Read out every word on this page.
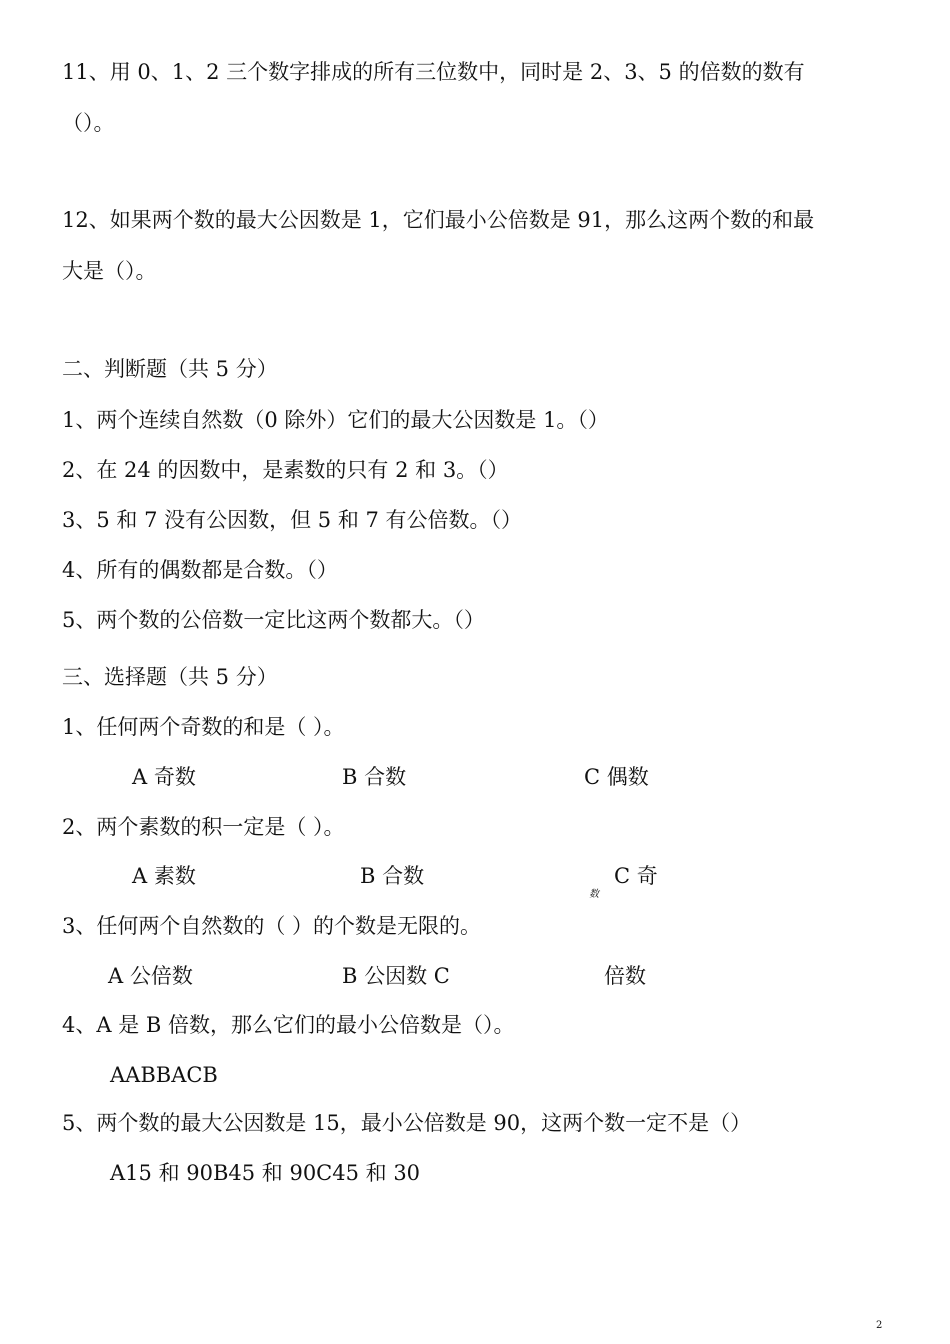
11、用 0、1、2 三个数字排成的所有三位数中，同时是 2、3、5 的倍数的数有
（）。
12、如果两个数的最大公因数是 1，它们最小公倍数是 91，那么这两个数的和最
大是（）。
二、判断题（共 5 分）
1、两个连续自然数（0 除外）它们的最大公因数是 1。（）
2、在 24 的因数中，是素数的只有 2 和 3。（）
3、5 和 7 没有公因数，但 5 和 7 有公倍数。（）
4、所有的偶数都是合数。（）
5、两个数的公倍数一定比这两个数都大。（）
三、选择题（共 5 分）
1、任何两个奇数的和是（ ）。
A 奇数	B 合数	C 偶数
2、两个素数的积一定是（ ）。
A 素数	B 合数	C 奇
数
3、任何两个自然数的（ ）的个数是无限的。
A 公倍数	B 公因数 C	倍数
4、A 是 B 倍数，那么它们的最小公倍数是（）。
AABBACB
5、两个数的最大公因数是 15，最小公倍数是 90，这两个数一定不是（）
A15 和 90B45 和 90C45 和 30
2
